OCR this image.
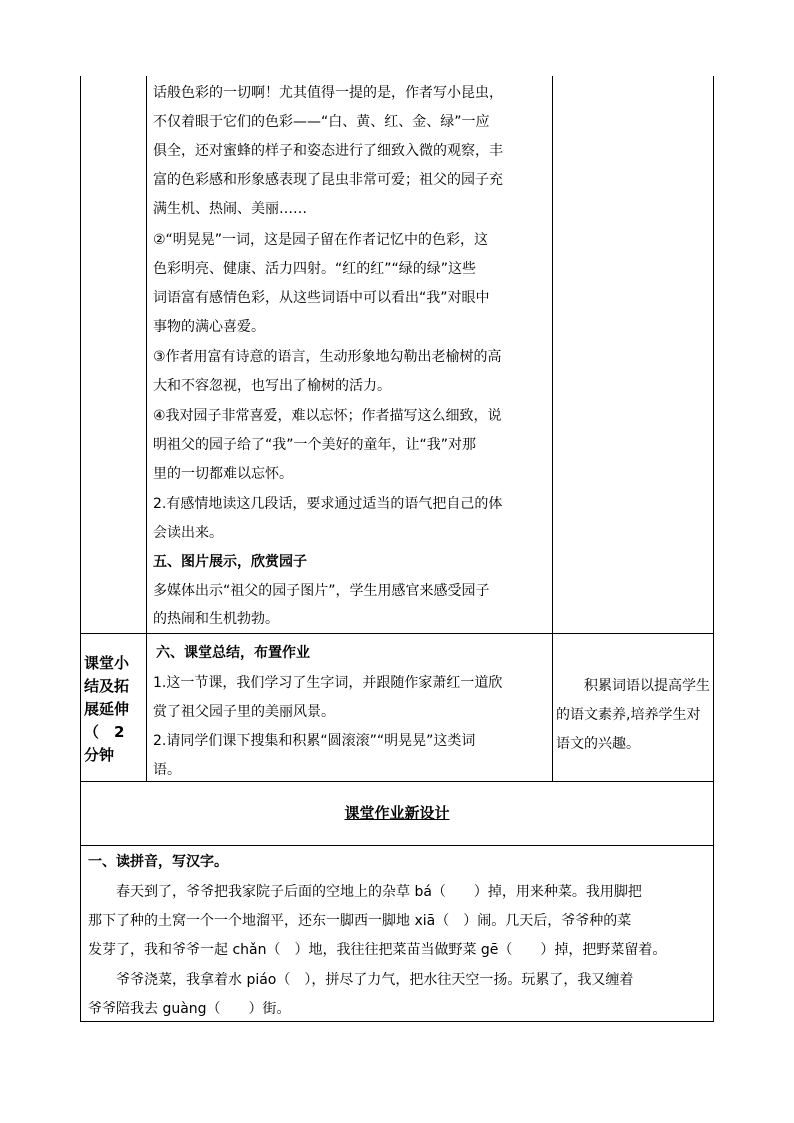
话般色彩的一切啊！尤其值得一提的是，作者写小昆虫，

不仅着眼于它们的色彩——“白、黄、红、金、绿”一应

俱全，还对蜜蜂的样子和姿态进行了细致入微的观察，丰

富的色彩感和形象感表现了昆虫非常可爱；祖父的园子充

满生机、热闹、美丽……

②“明晃晃”一词，这是园子留在作者记忆中的色彩，这

色彩明亮、健康、活力四射。“红的红”“绿的绿”这些

词语富有感情色彩，从这些词语中可以看出“我”对眼中

事物的满心喜爱。

③作者用富有诗意的语言，生动形象地勾勒出老榆树的高

大和不容忽视，也写出了榆树的活力。

④我对园子非常喜爱，难以忘怀；作者描写这么细致，说

明祖父的园子给了“我”一个美好的童年，让“我”对那

里的一切都难以忘怀。

2.有感情地读这几段话，要求通过适当的语气把自己的体

会读出来。

五、图片展示，欣赏园子

多媒体出示“祖父的园子图片”，学生用感官来感受园子

的热闹和生机勃勃。

课堂小
结及拓
展延伸
（　2
分钟

六、课堂总结，布置作业

1.这一节课，我们学习了生字词，并跟随作家萧红一道欣

赏了祖父园子里的美丽风景。

2.请同学们课下搜集和积累“圆滚滚”“明晃晃”这类词

语。

积累词语以提高学生的语文素养,培养学生对语文的兴趣。

课堂作业新设计

一、读拼音，写汉字。

春天到了，爷爷把我家院子后面的空地上的杂草 bá（　　）掉，用来种菜。我用脚把

那下了种的土窝一个一个地溜平，还东一脚西一脚地 xiā（　）闹。几天后，爷爷种的菜

发芽了，我和爷爷一起 chǎn（　）地，我往往把菜苗当做野菜 gē（　　）掉，把野菜留着。

爷爷浇菜，我拿着水 piáo（　），拼尽了力气，把水往天空一扬。玩累了，我又缠着

爷爷陪我去 guàng（　　）街。
